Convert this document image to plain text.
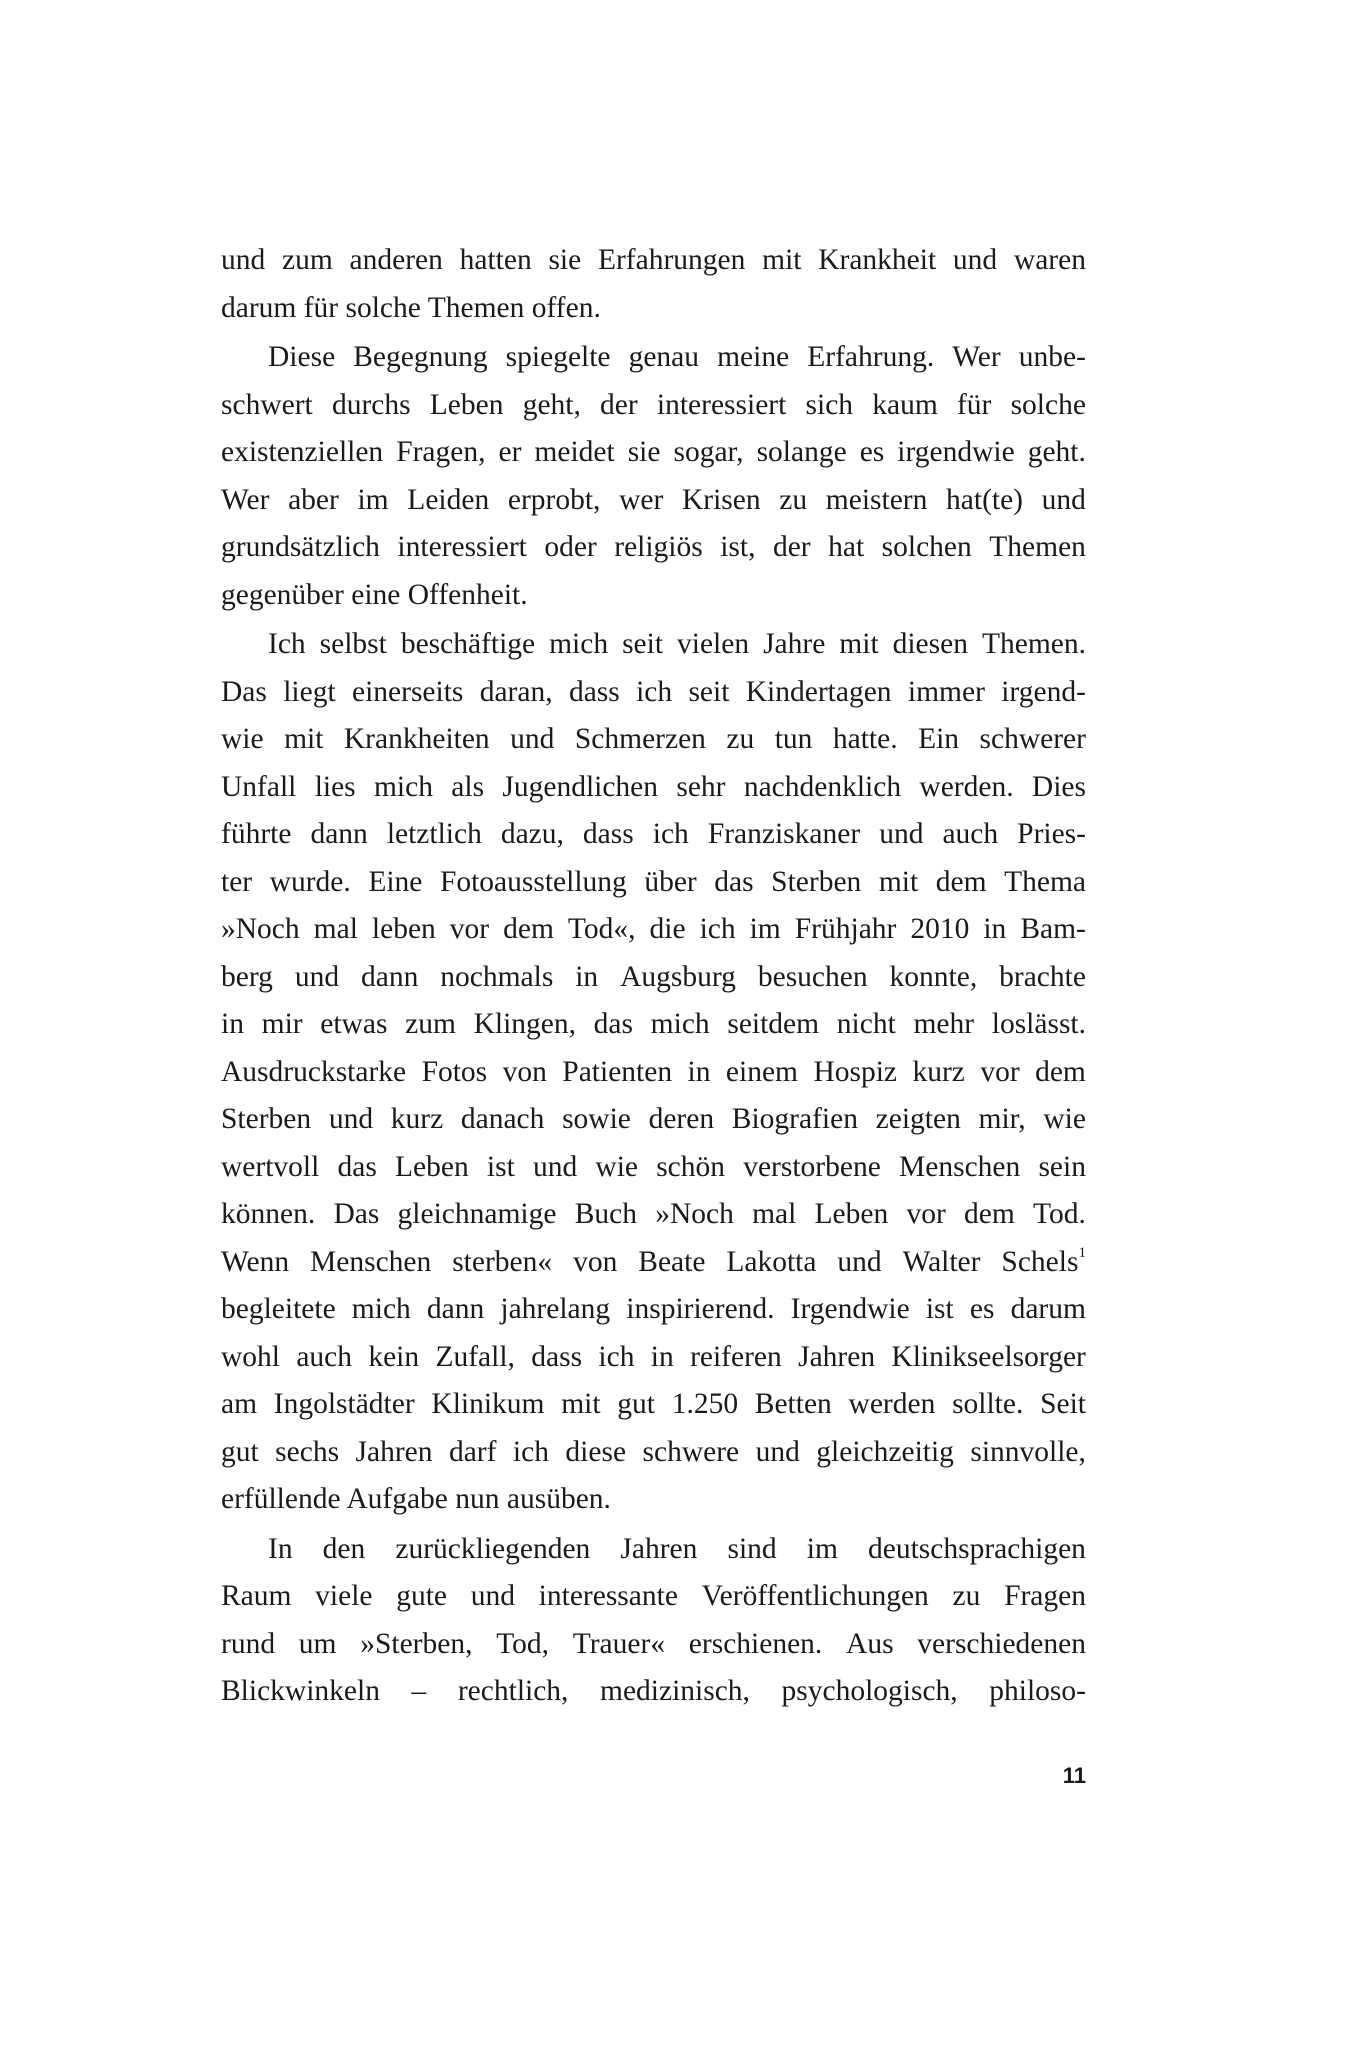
und zum anderen hatten sie Erfahrungen mit Krankheit und waren
darum für solche Themen offen.
Diese Begegnung spiegelte genau meine Erfahrung. Wer unbe-
schwert durchs Leben geht, der interessiert sich kaum für solche
existenziellen Fragen, er meidet sie sogar, solange es irgendwie geht.
Wer aber im Leiden erprobt, wer Krisen zu meistern hat(te) und
grundsätzlich interessiert oder religiös ist, der hat solchen Themen
gegenüber eine Offenheit.
Ich selbst beschäftige mich seit vielen Jahre mit diesen Themen.
Das liegt einerseits daran, dass ich seit Kindertagen immer irgend-
wie mit Krankheiten und Schmerzen zu tun hatte. Ein schwerer
Unfall lies mich als Jugendlichen sehr nachdenklich werden. Dies
führte dann letztlich dazu, dass ich Franziskaner und auch Pries-
ter wurde. Eine Fotoausstellung über das Sterben mit dem Thema
»Noch mal leben vor dem Tod«, die ich im Frühjahr 2010 in Bam-
berg und dann nochmals in Augsburg besuchen konnte, brachte
in mir etwas zum Klingen, das mich seitdem nicht mehr loslässt.
Ausdruckstarke Fotos von Patienten in einem Hospiz kurz vor dem
Sterben und kurz danach sowie deren Biografien zeigten mir, wie
wertvoll das Leben ist und wie schön verstorbene Menschen sein
können. Das gleichnamige Buch »Noch mal Leben vor dem Tod.
Wenn Menschen sterben« von Beate Lakotta und Walter Schels$^1$
begleitete mich dann jahrelang inspirierend. Irgendwie ist es darum
wohl auch kein Zufall, dass ich in reiferen Jahren Klinikseelsorger
am Ingolstädter Klinikum mit gut 1.250 Betten werden sollte. Seit
gut sechs Jahren darf ich diese schwere und gleichzeitig sinnvolle,
erfüllende Aufgabe nun ausüben.
In den zurückliegenden Jahren sind im deutschsprachigen
Raum viele gute und interessante Veröffentlichungen zu Fragen
rund um »Sterben, Tod, Trauer« erschienen. Aus verschiedenen
Blickwinkeln – rechtlich, medizinisch, psychologisch, philoso-
11
